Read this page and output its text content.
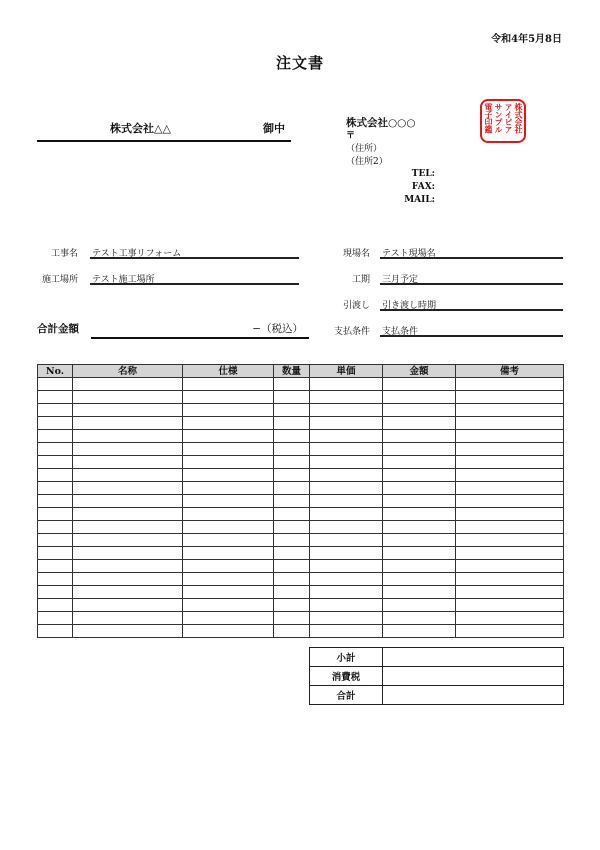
令和4年5月8日
注文書
株式会社△△	御中	株式会社○○○
〒
（住所）
（住所2）
TEL:
FAX:
MAIL:
株式会社
アイピア
サンプル
電子印鑑
工事名 テスト工事リフォーム
施工場所 テスト施工場所
現場名 テスト現場名
工期 三月予定
引渡し 引き渡し時期
支払条件 支払条件
合計金額	−（税込）
No.	名称	仕様	数量	単価	金額	備考

小計	
消費税	
合計	
